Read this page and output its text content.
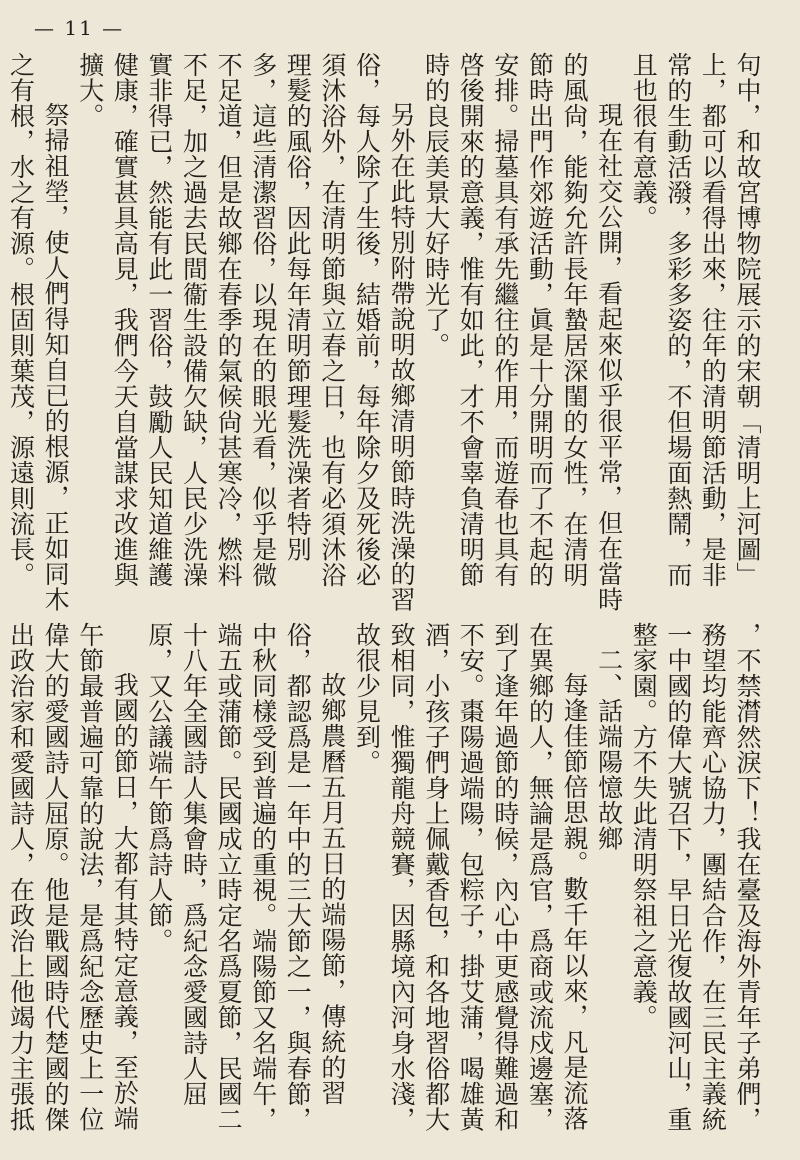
— 11 —

句中，和故宮博物院展示的宋朝「清明上河圖」上，都可以看得出來，往年的清明節活動，是非常的生動活潑，多彩多姿的，不但場面熱鬧，而且也很有意義。

現在社交公開，看起來似乎很平常，但在當時的風尙，能夠允許長年蟄居深閨的女性，在清明節時出門作郊遊活動，眞是十分開明而了不起的安排。掃墓具有承先繼往的作用，而遊春也具有啓後開來的意義，惟有如此，才不會辜負清明節時的良辰美景大好時光了。

另外在此特別附帶說明故鄉清明節時洗澡的習俗，每人除了生後，結婚前，每年除夕及死後必須沐浴外，在清明節與立春之日，也有必須沐浴理髮的風俗，因此每年清明節理髮洗澡者特別多，這些清潔習俗，以現在的眼光看，似乎是微不足道，但是故鄉在春季的氣候尙甚寒冷，燃料不足，加之過去民間衞生設備欠缺，人民少洗澡實非得已，然能有此一習俗，鼓勵人民知道維護健康，確實甚具高見，我們今天自當謀求改進與擴大。

祭掃祖塋，使人們得知自已的根源，正如同木之有根，水之有源。根固則葉茂，源遠則流長。

，不禁潸然淚下！我在臺及海外青年子弟們，務望均能齊心協力，團結合作，在三民主義統一中國的偉大號召下，早日光復故國河山，重整家園。方不失此清明祭祖之意義。

二、話端陽憶故鄉

每逢佳節倍思親。數千年以來，凡是流落在異鄉的人，無論是爲官，爲商或流戍邊塞，到了逢年過節的時候，內心中更感覺得難過和不安。棗陽過端陽，包粽子，掛艾蒲，喝雄黃酒，小孩子們身上佩戴香包，和各地習俗都大致相同，惟獨龍舟競賽，因縣境內河身水淺，故很少見到。

故鄉農曆五月五日的端陽節，傳統的習俗，都認爲是一年中的三大節之一，與春節，中秋同樣受到普遍的重視。端陽節又名端午，端五或蒲節。民國成立時定名爲夏節，民國二十八年全國詩人集會時，爲紀念愛國詩人屈原，又公議端午節爲詩人節。

我國的節日，大都有其特定意義，至於端午節最普遍可靠的說法，是爲紀念歷史上一位偉大的愛國詩人屈原。他是戰國時代楚國的傑出政治家和愛國詩人，在政治上他竭力主張抵
